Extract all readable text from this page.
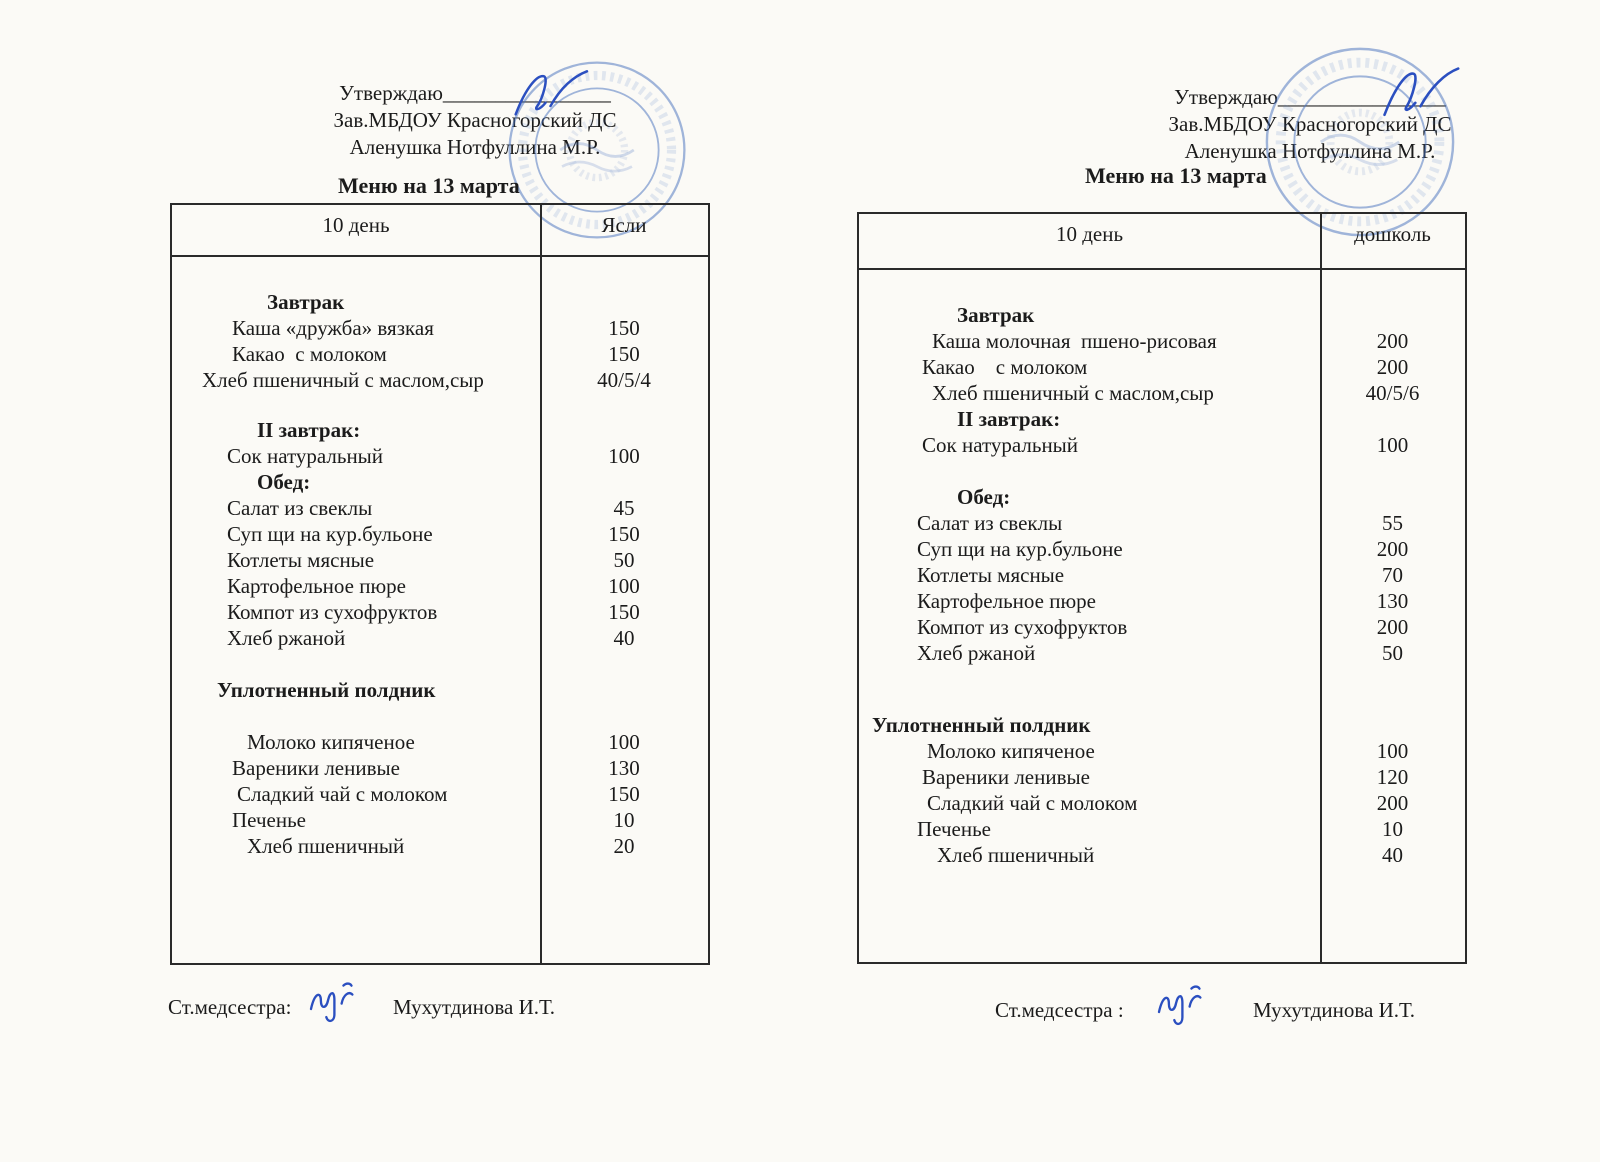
Утверждаю________________
Зав.МБДОУ Красногорский ДС
Аленушка Нотфуллина М.Р.
Меню на 13 марта
10 день	Ясли
Завтрак
Каша «дружба» вязкая	150
Какао  с молоком	150
Хлеб пшеничный с маслом,сыр	40/5/4
II завтрак:
Сок натуральный	100
Обед:
Салат из свеклы	45
Суп щи на кур.бульоне	150
Котлеты мясные	50
Картофельное пюре	100
Компот из сухофруктов	150
Хлеб ржаной	40
Уплотненный полдник
Молоко кипяченое	100
Вареники ленивые	130
Сладкий чай с молоком	150
Печенье	10
Хлеб пшеничный	20
Ст.медсестра:	Мухутдинова И.Т.
Утверждаю________________
Зав.МБДОУ Красногорский ДС
Аленушка Нотфуллина М.Р.
Меню на 13 марта
10 день	дошколь
Завтрак
Каша молочная  пшено-рисовая	200
Какао    с молоком	200
Хлеб пшеничный с маслом,сыр	40/5/6
II завтрак:
Сок натуральный	100
Обед:
Салат из свеклы	55
Суп щи на кур.бульоне	200
Котлеты мясные	70
Картофельное пюре	130
Компот из сухофруктов	200
Хлеб ржаной	50
Уплотненный полдник
Молоко кипяченое	100
Вареники ленивые	120
Сладкий чай с молоком	200
Печенье	10
Хлеб пшеничный	40
Ст.медсестра :	Мухутдинова И.Т.
